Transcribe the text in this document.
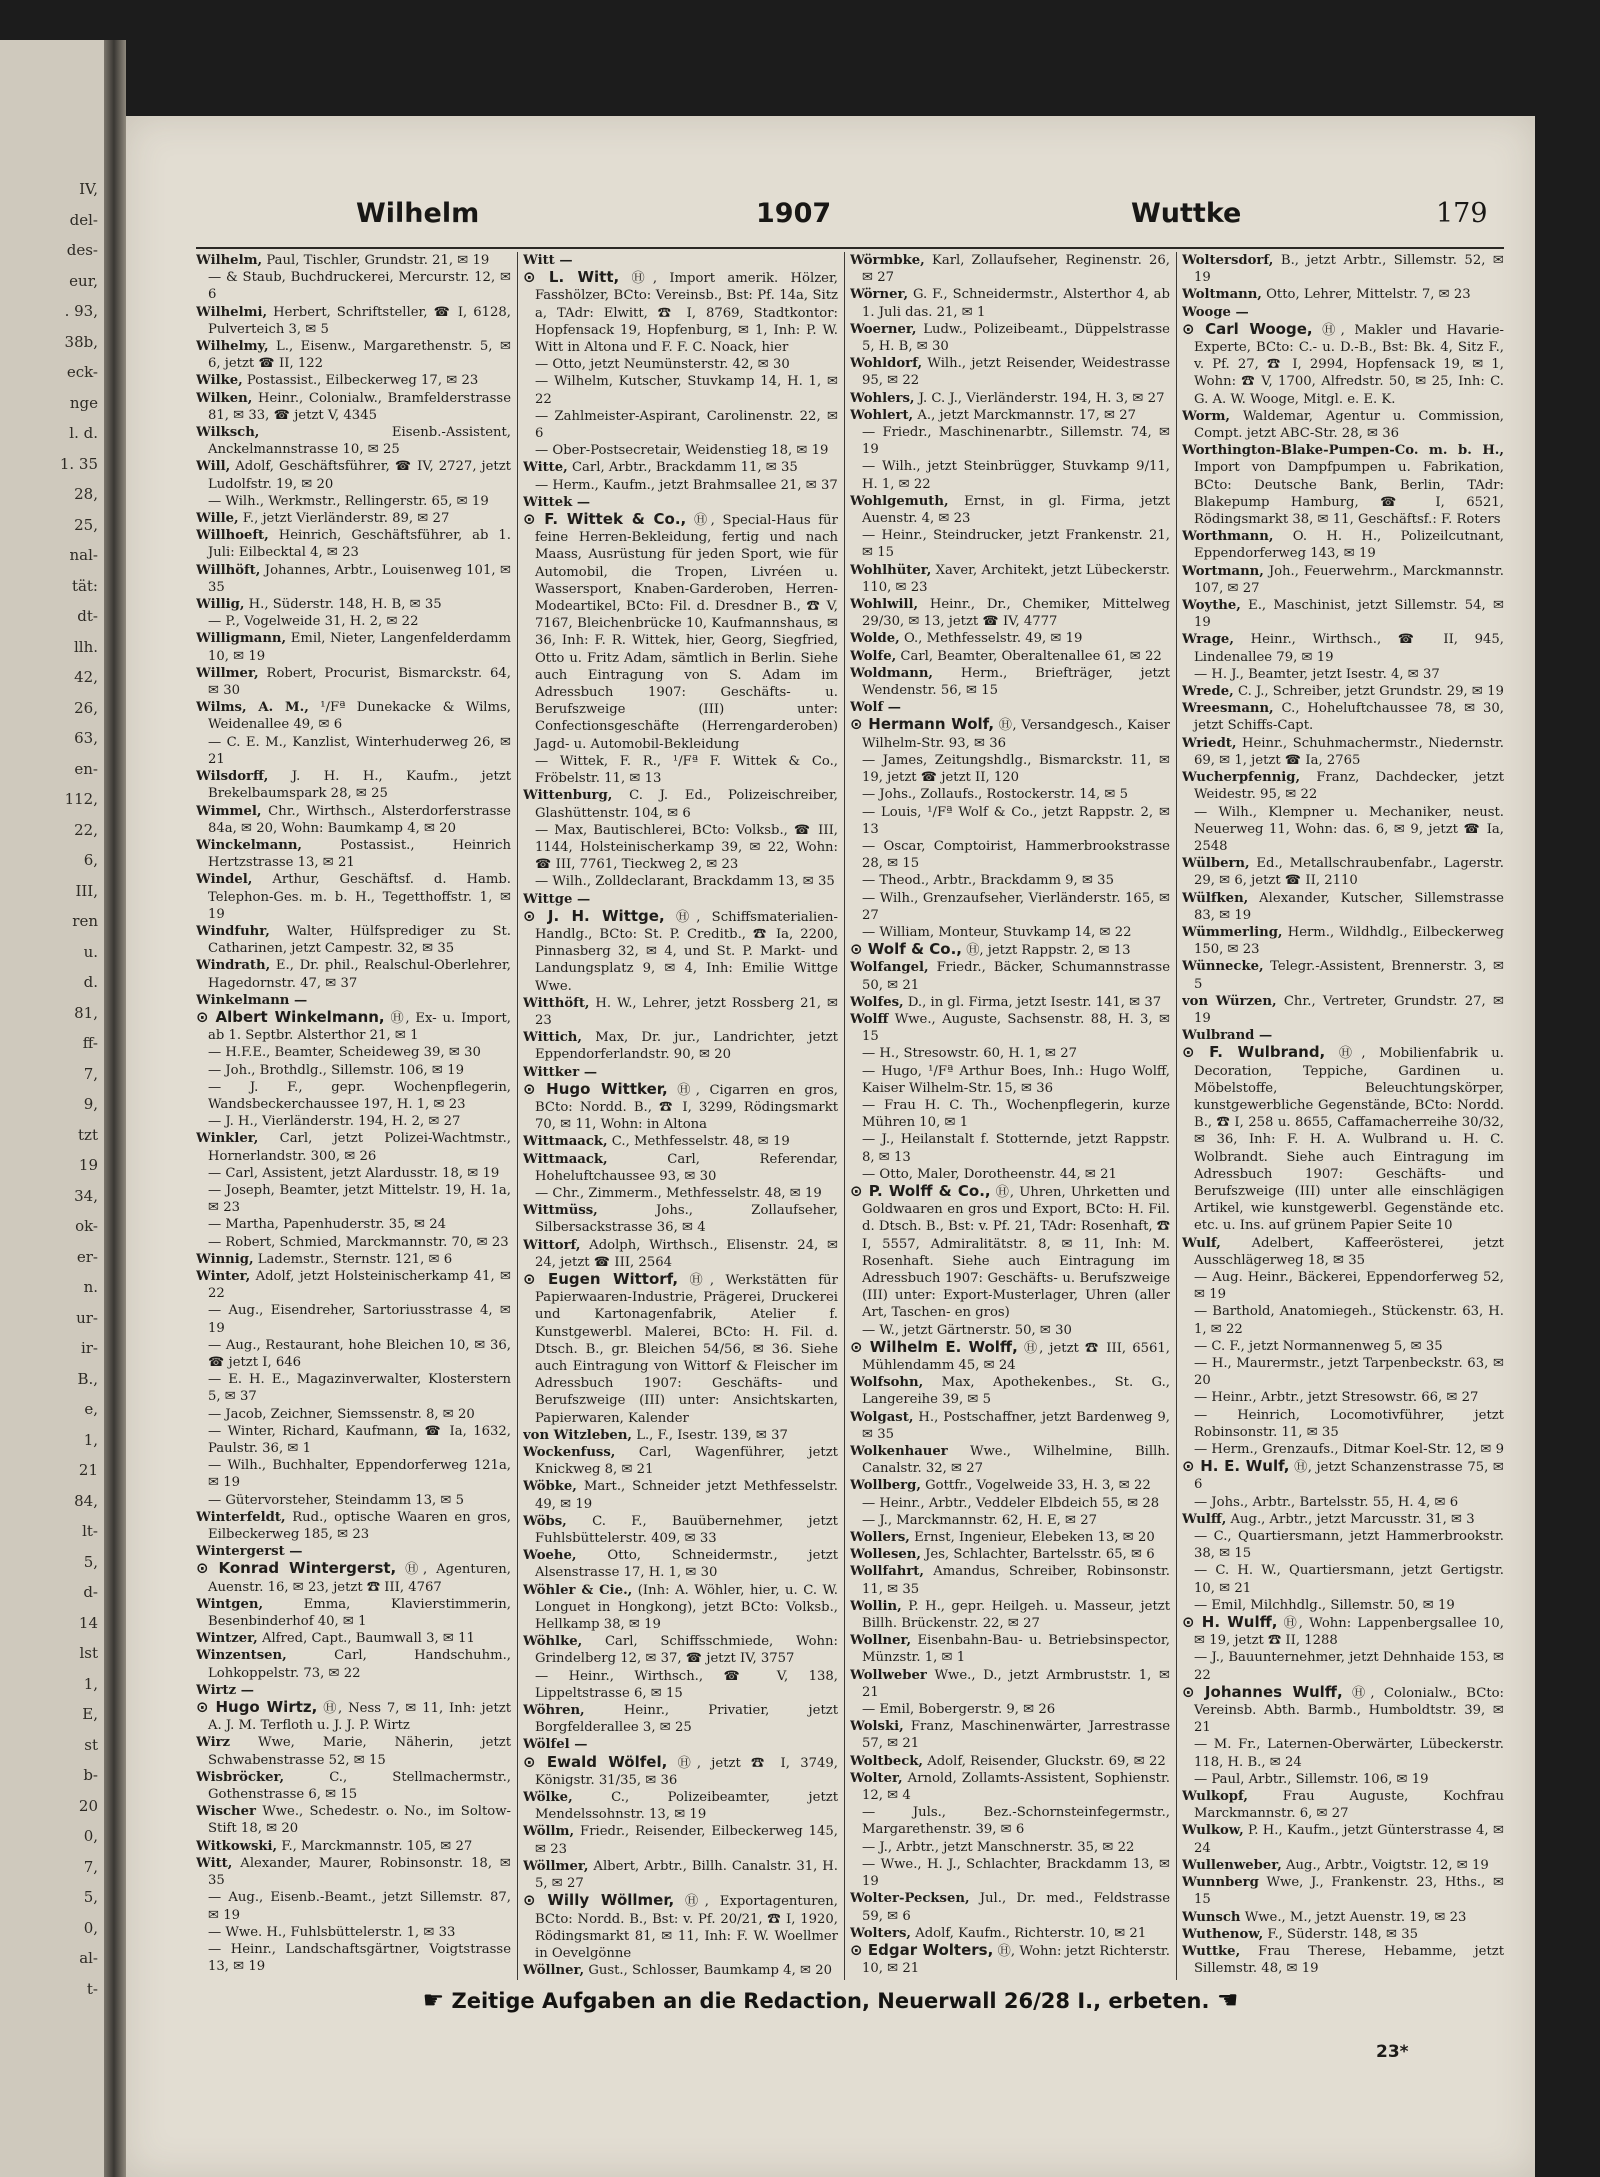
IV,
del-
des-
eur,
. 93,
38b,
eck-
nge
l. d.
1. 35
28,
25,
nal-
tät:
dt-
llh.
42,
26,
63,
en-
112,
22,
6,
III,
ren
u.
d.
81,
ff-
7,
9,
tzt
19
34,
ok-
er-
n.
ur-
ir-
B.,
e,
1,
21
84,
lt-
5,
d-
14
lst
1,
E,
st
b-
20
0,
7,
5,
0,
al-
t-
Wilhelm	1907	Wuttke	179

Wilhelm, Paul, Tischler, Grundstr. 21, ✉ 19

— & Staub, Buchdruckerei, Mercurstr. 12, ✉ 6

Wilhelmi, Herbert, Schriftsteller, ☎ I, 6128, Pulverteich 3, ✉ 5

Wilhelmy, L., Eisenw., Margarethenstr. 5, ✉ 6, jetzt ☎ II, 122

Wilke, Postassist., Eilbeckerweg 17, ✉ 23

Wilken, Heinr., Colonialw., Bramfelderstrasse 81, ✉ 33, ☎ jetzt V, 4345

Wilksch,	Eisenb.-Assistent, Anckelmannstrasse 10, ✉ 25

Will, Adolf, Geschäftsführer, ☎ IV, 2727, jetzt Ludolfstr. 19, ✉ 20

— Wilh., Werkmstr., Rellingerstr. 65, ✉ 19

Wille, F., jetzt Vierländerstr. 89, ✉ 27

Willhoeft, Heinrich, Geschäftsführer, ab 1. Juli: Eilbecktal 4, ✉ 23

Willhöft, Johannes, Arbtr., Louisenweg 101, ✉ 35

Willig, H., Süderstr. 148, H. B, ✉ 35

— P., Vogelweide 31, H. 2, ✉ 22

Willigmann, Emil, Nieter, Langenfelderdamm 10, ✉ 19

Willmer, Robert, Procurist, Bismarckstr. 64, ✉ 30

Wilms, A. M., ¹/Fª Dunekacke & Wilms, Weidenallee 49, ✉ 6

— C. E. M., Kanzlist, Winterhuderweg 26, ✉ 21

Wilsdorff, J. H. H., Kaufm., jetzt Brekelbaumspark 28, ✉ 25

Wimmel, Chr., Wirthsch., Alsterdorferstrasse 84a, ✉ 20, Wohn: Baumkamp 4, ✉ 20

Winckelmann,	Postassist., Heinrich Hertzstrasse 13, ✉ 21

Windel, Arthur, Geschäftsf. d. Hamb. Telephon-Ges. m. b. H., Tegetthoffstr. 1, ✉ 19

Windfuhr, Walter, Hülfsprediger zu St. Catharinen, jetzt Campestr. 32, ✉ 35

Windrath, E., Dr. phil., Realschul-Oberlehrer, Hagedornstr. 47, ✉ 37

Winkelmann —

⊙ Albert Winkelmann, Ⓗ, Ex- u. Import, ab 1. Septbr. Alsterthor 21, ✉ 1

— H.F.E., Beamter, Scheideweg 39, ✉ 30

— Joh., Brothdlg., Sillemstr. 106, ✉ 19

— J. F., gepr. Wochenpflegerin, Wandsbeckerchaussee 197, H. 1, ✉ 23

— J. H., Vierländerstr. 194, H. 2, ✉ 27

Winkler, Carl, jetzt Polizei-Wachtmstr., Hornerlandstr. 300, ✉ 26

— Carl, Assistent, jetzt Alardusstr. 18, ✉ 19

— Joseph, Beamter, jetzt Mittelstr. 19, H. 1a, ✉ 23

— Martha, Papenhuderstr. 35, ✉ 24

— Robert, Schmied, Marckmannstr. 70, ✉ 23

Winnig, Lademstr., Sternstr. 121, ✉ 6

Winter, Adolf, jetzt Holsteinischerkamp 41, ✉ 22

— Aug., Eisendreher, Sartoriusstrasse 4, ✉ 19

— Aug., Restaurant, hohe Bleichen 10, ✉ 36, ☎ jetzt I, 646

— E. H. E., Magazinverwalter, Klosterstern 5, ✉ 37

— Jacob, Zeichner, Siemssenstr. 8, ✉ 20

— Winter, Richard, Kaufmann, ☎ Ia, 1632, Paulstr. 36, ✉ 1

— Wilh., Buchhalter, Eppendorferweg 121a, ✉ 19

— Gütervorsteher, Steindamm 13, ✉ 5

Winterfeldt, Rud., optische Waaren en gros, Eilbeckerweg 185, ✉ 23

Wintergerst —

⊙ Konrad Wintergerst, Ⓗ, Agenturen, Auenstr. 16, ✉ 23, jetzt ☎ III, 4767

Wintgen,	Emma, Klavierstimmerin, Besenbinderhof 40, ✉ 1

Wintzer, Alfred, Capt., Baumwall 3, ✉ 11

Winzentsen,	Carl, Handschuhm., Lohkoppelstr. 73, ✉ 22

Wirtz —

⊙ Hugo Wirtz, Ⓗ, Ness 7, ✉ 11, Inh: jetzt A. J. M. Terfloth u. J. J. P. Wirtz

Wirz Wwe, Marie, Näherin, jetzt Schwabenstrasse 52, ✉ 15

Wisbröcker,	C., Stellmachermstr., Gothenstrasse 6, ✉ 15

Wischer Wwe., Schedestr. o. No., im Soltow-Stift 18, ✉ 20

Witkowski, F., Marckmannstr. 105, ✉ 27

Witt, Alexander, Maurer, Robinsonstr. 18, ✉ 35

— Aug., Eisenb.-Beamt., jetzt Sillemstr. 87, ✉ 19

— Wwe. H., Fuhlsbüttelerstr. 1, ✉ 33

— Heinr., Landschaftsgärtner, Voigtstrasse 13, ✉ 19

Witt —

⊙ L. Witt, Ⓗ, Import amerik. Hölzer, Fasshölzer, BCto: Vereinsb., Bst: Pf. 14a, Sitz a, TAdr: Elwitt, ☎ I, 8769, Stadtkontor: Hopfensack 19, Hopfenburg, ✉ 1, Inh: P. W. Witt in Altona und F. F. C. Noack, hier

— Otto, jetzt Neumünsterstr. 42, ✉ 30

— Wilhelm, Kutscher, Stuvkamp 14, H. 1, ✉ 22

— Zahlmeister-Aspirant, Carolinenstr. 22, ✉ 6

— Ober-Postsecretair, Weidenstieg 18, ✉ 19

Witte, Carl, Arbtr., Brackdamm 11, ✉ 35

— Herm., Kaufm., jetzt Brahmsallee 21, ✉ 37

Wittek —

⊙ F. Wittek & Co., Ⓗ, Special-Haus für feine Herren-Bekleidung, fertig und nach Maass, Ausrüstung für jeden Sport, wie für Automobil, die Tropen, Livréen u. Wassersport, Knaben-Garderoben, Herren-Modeartikel, BCto: Fil. d. Dresdner B., ☎ V, 7167, Bleichenbrücke 10, Kaufmannshaus, ✉ 36, Inh: F. R. Wittek, hier, Georg, Siegfried, Otto u. Fritz Adam, sämtlich in Berlin. Siehe auch Eintragung von S. Adam im Adressbuch 1907: Geschäfts- u. Berufszweige (III) unter: Confectionsgeschäfte (Herrengarderoben) Jagd- u. Automobil-Bekleidung

— Wittek, F. R., ¹/Fª F. Wittek & Co., Fröbelstr. 11, ✉ 13

Wittenburg, C. J. Ed., Polizeischreiber, Glashüttenstr. 104, ✉ 6

— Max, Bautischlerei, BCto: Volksb., ☎ III, 1144, Holsteinischerkamp 39, ✉ 22, Wohn: ☎ III, 7761, Tieckweg 2, ✉ 23

— Wilh., Zolldeclarant, Brackdamm 13, ✉ 35

Wittge —

⊙ J. H. Wittge, Ⓗ, Schiffsmaterialien-Handlg., BCto: St. P. Creditb., ☎ Ia, 2200, Pinnasberg 32, ✉ 4, und St. P. Markt- und Landungsplatz 9, ✉ 4, Inh: Emilie Wittge Wwe.

Witthöft, H. W., Lehrer, jetzt Rossberg 21, ✉ 23

Wittich, Max, Dr. jur., Landrichter, jetzt Eppendorferlandstr. 90, ✉ 20

Wittker —

⊙ Hugo Wittker, Ⓗ, Cigarren en gros, BCto: Nordd. B., ☎ I, 3299, Rödingsmarkt 70, ✉ 11, Wohn: in Altona

Wittmaack, C., Methfesselstr. 48, ✉ 19

Wittmaack,	Carl, Referendar, Hoheluftchaussee 93, ✉ 30

— Chr., Zimmerm., Methfesselstr. 48, ✉ 19

Wittmüss,	Johs., Zollaufseher, Silbersackstrasse 36, ✉ 4

Wittorf, Adolph, Wirthsch., Elisenstr. 24, ✉ 24, jetzt ☎ III, 2564

⊙ Eugen Wittorf, Ⓗ, Werkstätten für Papierwaaren-Industrie, Prägerei, Druckerei und Kartonagenfabrik, Atelier f. Kunstgewerbl. Malerei, BCto: H. Fil. d. Dtsch. B., gr. Bleichen 54/56, ✉ 36. Siehe auch Eintragung von Wittorf & Fleischer im Adressbuch 1907: Geschäfts- und Berufszweige (III) unter: Ansichtskarten, Papierwaren, Kalender

von Witzleben, L., F., Isestr. 139, ✉ 37

Wockenfuss, Carl, Wagenführer, jetzt Knickweg 8, ✉ 21

Wöbke, Mart., Schneider jetzt Methfesselstr. 49, ✉ 19

Wöbs, C. F., Bauübernehmer, jetzt Fuhlsbüttelerstr. 409, ✉ 33

Woehe, Otto, Schneidermstr., jetzt Alsenstrasse 17, H. 1, ✉ 30

Wöhler & Cie., (Inh: A. Wöhler, hier, u. C. W. Longuet in Hongkong), jetzt BCto: Volksb., Hellkamp 38, ✉ 19

Wöhlke, Carl, Schiffsschmiede, Wohn: Grindelberg 12, ✉ 37, ☎ jetzt IV, 3757

— Heinr., Wirthsch., ☎ V, 138, Lippeltstrasse 6, ✉ 15

Wöhren,	Heinr., Privatier, jetzt Borgfelderallee 3, ✉ 25

Wölfel —

⊙ Ewald Wölfel, Ⓗ, jetzt ☎ I, 3749, Königstr. 31/35, ✉ 36

Wölke,	C., Polizeibeamter, jetzt Mendelssohnstr. 13, ✉ 19

Wöllm, Friedr., Reisender, Eilbeckerweg 145, ✉ 23

Wöllmer, Albert, Arbtr., Billh. Canalstr. 31, H. 5, ✉ 27

⊙ Willy Wöllmer, Ⓗ, Exportagenturen, BCto: Nordd. B., Bst: v. Pf. 20/21, ☎ I, 1920, Rödingsmarkt 81, ✉ 11, Inh: F. W. Woellmer in Oevelgönne

Wöllner, Gust., Schlosser, Baumkamp 4, ✉ 20

Wörmbke, Karl, Zollaufseher, Reginenstr. 26, ✉ 27

Wörner, G. F., Schneidermstr., Alsterthor 4, ab 1. Juli das. 21, ✉ 1

Woerner, Ludw., Polizeibeamt., Düppelstrasse 5, H. B, ✉ 30

Wohldorf, Wilh., jetzt Reisender, Weidestrasse 95, ✉ 22

Wohlers, J. C. J., Vierländerstr. 194, H. 3, ✉ 27

Wohlert, A., jetzt Marckmannstr. 17, ✉ 27

— Friedr., Maschinenarbtr., Sillemstr. 74, ✉ 19

— Wilh., jetzt Steinbrügger, Stuvkamp 9/11, H. 1, ✉ 22

Wohlgemuth, Ernst, in gl. Firma, jetzt Auenstr. 4, ✉ 23

— Heinr., Steindrucker, jetzt Frankenstr. 21, ✉ 15

Wohlhüter, Xaver, Architekt, jetzt Lübeckerstr. 110, ✉ 23

Wohlwill, Heinr., Dr., Chemiker, Mittelweg 29/30, ✉ 13, jetzt ☎ IV, 4777

Wolde, O., Methfesselstr. 49, ✉ 19

Wolfe, Carl, Beamter, Oberaltenallee 61, ✉ 22

Woldmann, Herm., Briefträger, jetzt Wendenstr. 56, ✉ 15

Wolf —

⊙ Hermann Wolf, Ⓗ, Versandgesch., Kaiser Wilhelm-Str. 93, ✉ 36

— James, Zeitungshdlg., Bismarckstr. 11, ✉ 19, jetzt ☎ jetzt II, 120

— Johs., Zollaufs., Rostockerstr. 14, ✉ 5

— Louis, ¹/Fª Wolf & Co., jetzt Rappstr. 2, ✉ 13

— Oscar, Comptoirist, Hammerbrookstrasse 28, ✉ 15

— Theod., Arbtr., Brackdamm 9, ✉ 35

— Wilh., Grenzaufseher, Vierländerstr. 165, ✉ 27

— William, Monteur, Stuvkamp 14, ✉ 22

⊙ Wolf & Co., Ⓗ, jetzt Rappstr. 2, ✉ 13

Wolfangel, Friedr., Bäcker, Schumannstrasse 50, ✉ 21

Wolfes, D., in gl. Firma, jetzt Isestr. 141, ✉ 37

Wolff Wwe., Auguste, Sachsenstr. 88, H. 3, ✉ 15

— H., Stresowstr. 60, H. 1, ✉ 27

— Hugo, ¹/Fª Arthur Boes, Inh.: Hugo Wolff, Kaiser Wilhelm-Str. 15, ✉ 36

— Frau H. C. Th., Wochenpflegerin, kurze Mühren 10, ✉ 1

— J., Heilanstalt f. Stotternde, jetzt Rappstr. 8, ✉ 13

— Otto, Maler, Dorotheenstr. 44, ✉ 21

⊙ P. Wolff & Co., Ⓗ, Uhren, Uhrketten und Goldwaaren en gros und Export, BCto: H. Fil. d. Dtsch. B., Bst: v. Pf. 21, TAdr: Rosenhaft, ☎ I, 5557, Admiralitätstr. 8, ✉ 11, Inh: M. Rosenhaft. Siehe auch Eintragung im Adressbuch 1907: Geschäfts- u. Berufszweige (III) unter: Export-Musterlager, Uhren (aller Art, Taschen- en gros)

— W., jetzt Gärtnerstr. 50, ✉ 30

⊙ Wilhelm E. Wolff, Ⓗ, jetzt ☎ III, 6561, Mühlendamm 45, ✉ 24

Wolfsohn, Max, Apothekenbes., St. G., Langereihe 39, ✉ 5

Wolgast, H., Postschaffner, jetzt Bardenweg 9, ✉ 35

Wolkenhauer Wwe., Wilhelmine, Billh. Canalstr. 32, ✉ 27

Wollberg, Gottfr., Vogelweide 33, H. 3, ✉ 22

— Heinr., Arbtr., Veddeler Elbdeich 55, ✉ 28

— J., Marckmannstr. 62, H. E, ✉ 27

Wollers, Ernst, Ingenieur, Elebeken 13, ✉ 20

Wollesen, Jes, Schlachter, Bartelsstr. 65, ✉ 6

Wollfahrt, Amandus, Schreiber, Robinsonstr. 11, ✉ 35

Wollin, P. H., gepr. Heilgeh. u. Masseur, jetzt Billh. Brückenstr. 22, ✉ 27

Wollner, Eisenbahn-Bau- u. Betriebsinspector, Münzstr. 1, ✉ 1

Wollweber Wwe., D., jetzt Armbruststr. 1, ✉ 21

— Emil, Bobergerstr. 9, ✉ 26

Wolski, Franz, Maschinenwärter, Jarrestrasse 57, ✉ 21

Woltbeck, Adolf, Reisender, Gluckstr. 69, ✉ 22

Wolter, Arnold, Zollamts-Assistent, Sophienstr. 12, ✉ 4

— Juls., Bez.-Schornsteinfegermstr., Margarethenstr. 39, ✉ 6

— J., Arbtr., jetzt Manschnerstr. 35, ✉ 22

— Wwe., H. J., Schlachter, Brackdamm 13, ✉ 19

Wolter-Pecksen, Jul., Dr. med., Feldstrasse 59, ✉ 6

Wolters, Adolf, Kaufm., Richterstr. 10, ✉ 21

⊙ Edgar Wolters, Ⓗ, Wohn: jetzt Richterstr. 10, ✉ 21

Woltersdorf, B., jetzt Arbtr., Sillemstr. 52, ✉ 19

Woltmann, Otto, Lehrer, Mittelstr. 7, ✉ 23

Wooge —

⊙ Carl Wooge, Ⓗ, Makler und Havarie-Experte, BCto: C.- u. D.-B., Bst: Bk. 4, Sitz F., v. Pf. 27, ☎ I, 2994, Hopfensack 19, ✉ 1, Wohn: ☎ V, 1700, Alfredstr. 50, ✉ 25, Inh: C. G. A. W. Wooge, Mitgl. e. E. K.

Worm, Waldemar, Agentur u. Commission, Compt. jetzt ABC-Str. 28, ✉ 36

Worthington-Blake-Pumpen-Co. m. b. H., Import von Dampfpumpen u. Fabrikation, BCto: Deutsche Bank, Berlin, TAdr: Blakepump Hamburg, ☎ I, 6521, Rödingsmarkt 38, ✉ 11, Geschäftsf.: F. Roters

Worthmann, O. H. H., Polizeilcutnant, Eppendorferweg 143, ✉ 19

Wortmann, Joh., Feuerwehrm., Marckmannstr. 107, ✉ 27

Woythe, E., Maschinist, jetzt Sillemstr. 54, ✉ 19

Wrage, Heinr., Wirthsch., ☎ II, 945, Lindenallee 79, ✉ 19

— H. J., Beamter, jetzt Isestr. 4, ✉ 37

Wrede, C. J., Schreiber, jetzt Grundstr. 29, ✉ 19

Wreesmann, C., Hoheluftchaussee 78, ✉ 30, jetzt Schiffs-Capt.

Wriedt, Heinr., Schuhmachermstr., Niedernstr. 69, ✉ 1, jetzt ☎ Ia, 2765

Wucherpfennig, Franz, Dachdecker, jetzt Weidestr. 95, ✉ 22

— Wilh., Klempner u. Mechaniker, neust. Neuerweg 11, Wohn: das. 6, ✉ 9, jetzt ☎ Ia, 2548

Wülbern, Ed., Metallschraubenfabr., Lagerstr. 29, ✉ 6, jetzt ☎ II, 2110

Wülfken, Alexander, Kutscher, Sillemstrasse 83, ✉ 19

Wümmerling, Herm., Wildhdlg., Eilbeckerweg 150, ✉ 23

Wünnecke, Telegr.-Assistent, Brennerstr. 3, ✉ 5

von Würzen, Chr., Vertreter, Grundstr. 27, ✉ 19

Wulbrand —

⊙ F. Wulbrand, Ⓗ, Mobilienfabrik u. Decoration, Teppiche, Gardinen u. Möbelstoffe, Beleuchtungskörper, kunstgewerbliche Gegenstände, BCto: Nordd. B., ☎ I, 258 u. 8655, Caffamacherreihe 30/32, ✉ 36, Inh: F. H. A. Wulbrand u. H. C. Wolbrandt. Siehe auch Eintragung im Adressbuch 1907: Geschäfts- und Berufszweige (III) unter alle einschlägigen Artikel, wie kunstgewerbl. Gegenstände etc. etc. u. Ins. auf grünem Papier Seite 10

Wulf, Adelbert, Kaffeerösterei, jetzt Ausschlägerweg 18, ✉ 35

— Aug. Heinr., Bäckerei, Eppendorferweg 52, ✉ 19

— Barthold, Anatomiegeh., Stückenstr. 63, H. 1, ✉ 22

— C. F., jetzt Normannenweg 5, ✉ 35

— H., Maurermstr., jetzt Tarpenbeckstr. 63, ✉ 20

— Heinr., Arbtr., jetzt Stresowstr. 66, ✉ 27

— Heinrich, Locomotivführer, jetzt Robinsonstr. 11, ✉ 35

— Herm., Grenzaufs., Ditmar Koel-Str. 12, ✉ 9

⊙ H. E. Wulf, Ⓗ, jetzt Schanzenstrasse 75, ✉ 6

— Johs., Arbtr., Bartelsstr. 55, H. 4, ✉ 6

Wulff, Aug., Arbtr., jetzt Marcusstr. 31, ✉ 3

— C., Quartiersmann, jetzt Hammerbrookstr. 38, ✉ 15

— C. H. W., Quartiersmann, jetzt Gertigstr. 10, ✉ 21

— Emil, Milchhdlg., Sillemstr. 50, ✉ 19

⊙ H. Wulff, Ⓗ, Wohn: Lappenbergsallee 10, ✉ 19, jetzt ☎ II, 1288

— J., Bauunternehmer, jetzt Dehnhaide 153, ✉ 22

⊙ Johannes Wulff, Ⓗ, Colonialw., BCto: Vereinsb. Abth. Barmb., Humboldtstr. 39, ✉ 21

— M. Fr., Laternen-Oberwärter, Lübeckerstr. 118, H. B., ✉ 24

— Paul, Arbtr., Sillemstr. 106, ✉ 19

Wulkopf,	Frau Auguste, Kochfrau Marckmannstr. 6, ✉ 27

Wulkow, P. H., Kaufm., jetzt Günterstrasse 4, ✉ 24

Wullenweber, Aug., Arbtr., Voigtstr. 12, ✉ 19

Wunnberg Wwe, J., Frankenstr. 23, Hths., ✉ 15

Wunsch Wwe., M., jetzt Auenstr. 19, ✉ 23

Wuthenow, F., Süderstr. 148, ✉ 35

Wuttke, Frau Therese, Hebamme, jetzt Sillemstr. 48, ✉ 19

☛ Zeitige Aufgaben an die Redaction, Neuerwall 26/28 I., erbeten. ☚
23*
